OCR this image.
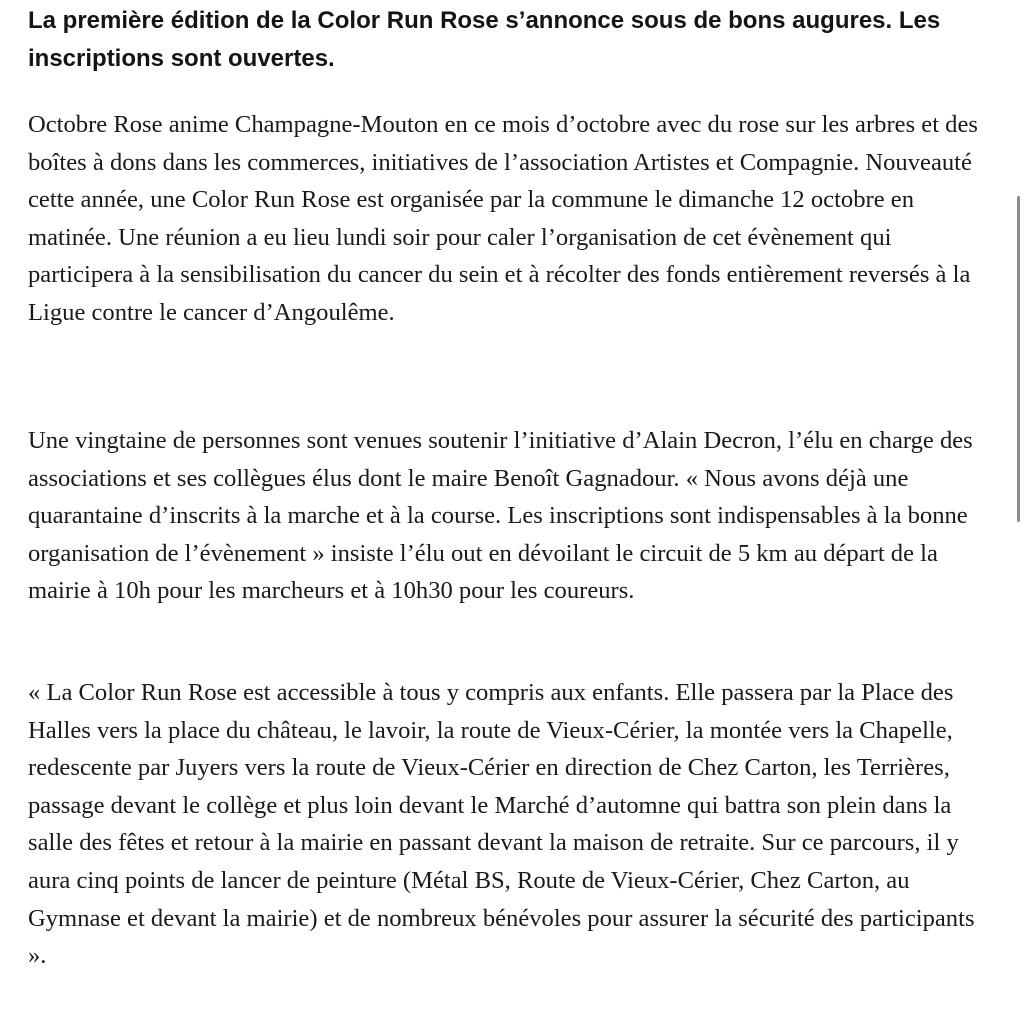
La première édition de la Color Run Rose s’annonce sous de bons augures. Les inscriptions sont ouvertes.

Octobre Rose anime Champagne-Mouton en ce mois d’octobre avec du rose sur les arbres et des boîtes à dons dans les commerces, initiatives de l’association Artistes et Compagnie. Nouveauté cette année, une Color Run Rose est organisée par la commune le dimanche 12 octobre en matinée. Une réunion a eu lieu lundi soir pour caler l’organisation de cet évènement qui participera à la sensibilisation du cancer du sein et à récolter des fonds entièrement reversés à la Ligue contre le cancer d’Angoulême.

Une vingtaine de personnes sont venues soutenir l’initiative d’Alain Decron, l’élu en charge des associations et ses collègues élus dont le maire Benoît Gagnadour. « Nous avons déjà une quarantaine d’inscrits à la marche et à la course. Les inscriptions sont indispensables à la bonne organisation de l’évènement » insiste l’élu out en dévoilant le circuit de 5 km au départ de la mairie à 10h pour les marcheurs et à 10h30 pour les coureurs.

« La Color Run Rose est accessible à tous y compris aux enfants. Elle passera par la Place des Halles vers la place du château, le lavoir, la route de Vieux-Cérier, la montée vers la Chapelle, redescente par Juyers vers la route de Vieux-Cérier en direction de Chez Carton, les Terrières, passage devant le collège et plus loin devant le Marché d’automne qui battra son plein dans la salle des fêtes et retour à la mairie en passant devant la maison de retraite. Sur ce parcours, il y aura cinq points de lancer de peinture (Métal BS, Route de Vieux-Cérier, Chez Carton, au Gymnase et devant la mairie) et de nombreux bénévoles pour assurer la sécurité des participants ».
